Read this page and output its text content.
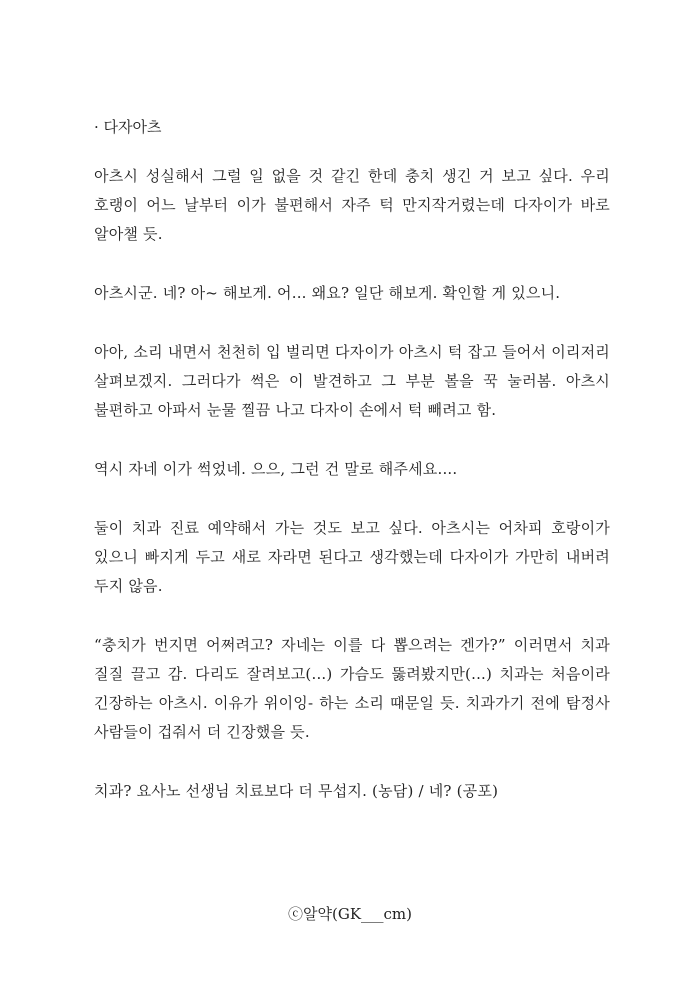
· 다자아츠

아츠시 성실해서 그럴 일 없을 것 같긴 한데 충치 생긴 거 보고 싶다. 우리 호랭이 어느 날부터 이가 불편해서 자주 턱 만지작거렸는데 다자이가 바로 알아챌 듯.

아츠시군. 네? 아~ 해보게. 어... 왜요? 일단 해보게. 확인할 게 있으니.

아아, 소리 내면서 천천히 입 벌리면 다자이가 아츠시 턱 잡고 들어서 이리저리 살펴보겠지. 그러다가 썩은 이 발견하고 그 부분 볼을 꾹 눌러봄. 아츠시 불편하고 아파서 눈물 찔끔 나고 다자이 손에서 턱 빼려고 함.

역시 자네 이가 썩었네. 으으, 그런 건 말로 해주세요....

둘이 치과 진료 예약해서 가는 것도 보고 싶다. 아츠시는 어차피 호랑이가 있으니 빠지게 두고 새로 자라면 된다고 생각했는데 다자이가 가만히 내버려 두지 않음.

“충치가 번지면 어쩌려고? 자네는 이를 다 뽑으려는 겐가?” 이러면서 치과 질질 끌고 감. 다리도 잘려보고(...) 가슴도 뚫려봤지만(...) 치과는 처음이라 긴장하는 아츠시. 이유가 위이잉- 하는 소리 때문일 듯. 치과가기 전에 탐정사 사람들이 겁줘서 더 긴장했을 듯.

치과? 요사노 선생님 치료보다 더 무섭지. (농담) / 네? (공포)

ⓒ알약(GK___cm)
